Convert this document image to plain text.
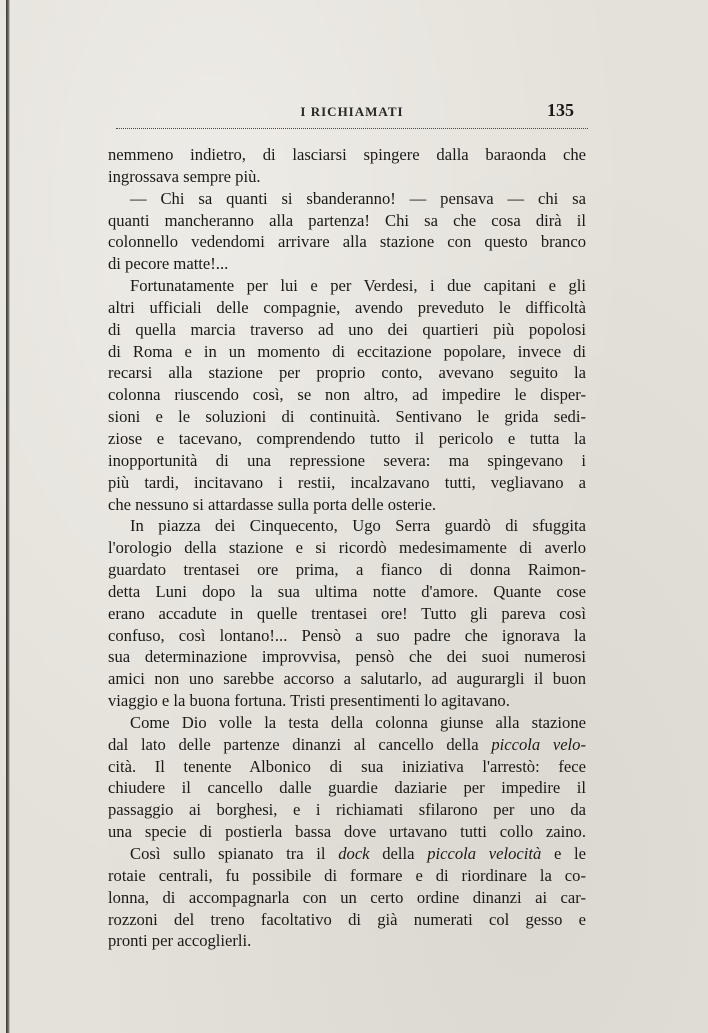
I RICHIAMATI	135
nemmeno indietro, di lasciarsi spingere dalla baraonda che
ingrossava sempre più.
— Chi sa quanti si sbanderanno! — pensava — chi sa
quanti mancheranno alla partenza! Chi sa che cosa dirà il
colonnello vedendomi arrivare alla stazione con questo branco
di pecore matte!...
Fortunatamente per lui e per Verdesi, i due capitani e gli
altri ufficiali delle compagnie, avendo preveduto le difficoltà
di quella marcia traverso ad uno dei quartieri più popolosi
di Roma e in un momento di eccitazione popolare, invece di
recarsi alla stazione per proprio conto, avevano seguito la
colonna riuscendo così, se non altro, ad impedire le disper-
sioni e le soluzioni di continuità. Sentivano le grida sedi-
ziose e tacevano, comprendendo tutto il pericolo e tutta la
inopportunità di una repressione severa: ma spingevano i
più tardi, incitavano i restii, incalzavano tutti, vegliavano a
che nessuno si attardasse sulla porta delle osterie.
In piazza dei Cinquecento, Ugo Serra guardò di sfuggita
l'orologio della stazione e si ricordò medesimamente di averlo
guardato trentasei ore prima, a fianco di donna Raimon-
detta Luni dopo la sua ultima notte d'amore. Quante cose
erano accadute in quelle trentasei ore! Tutto gli pareva così
confuso, così lontano!... Pensò a suo padre che ignorava la
sua determinazione improvvisa, pensò che dei suoi numerosi
amici non uno sarebbe accorso a salutarlo, ad augurargli il buon
viaggio e la buona fortuna. Tristi presentimenti lo agitavano.
Come Dio volle la testa della colonna giunse alla stazione
dal lato delle partenze dinanzi al cancello della piccola velo-
cità. Il tenente Albonico di sua iniziativa l'arrestò: fece
chiudere il cancello dalle guardie daziarie per impedire il
passaggio ai borghesi, e i richiamati sfilarono per uno da
una specie di postierla bassa dove urtavano tutti collo zaino.
Così sullo spianato tra il dock della piccola velocità e le
rotaie centrali, fu possibile di formare e di riordinare la co-
lonna, di accompagnarla con un certo ordine dinanzi ai car-
rozzoni del treno facoltativo di già numerati col gesso e
pronti per accoglierli.
